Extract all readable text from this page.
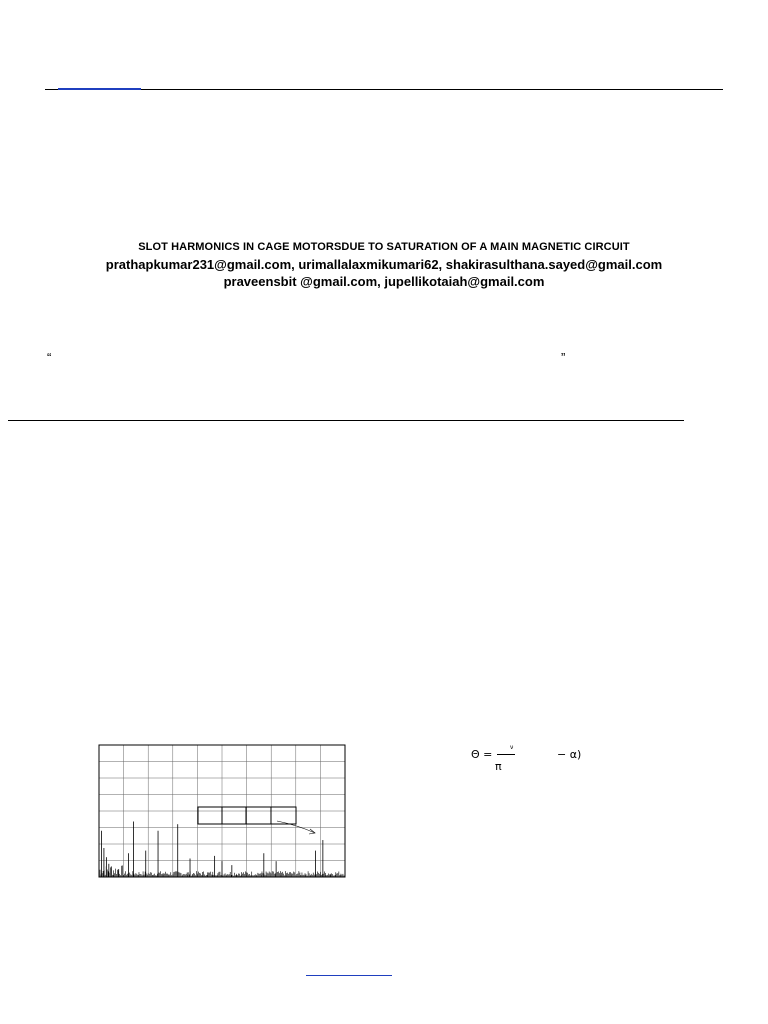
SLOT HARMONICS IN CAGE MOTORSDUE TO SATURATION OF A MAIN MAGNETIC CIRCUIT
prathapkumar231@gmail.com, urimallalaxmikumari62, shakirasulthana.sayed@gmail.com
praveensbit @gmail.com, jupellikotaiah@gmail.com
“	”
Θ =
ν
π
− α)
